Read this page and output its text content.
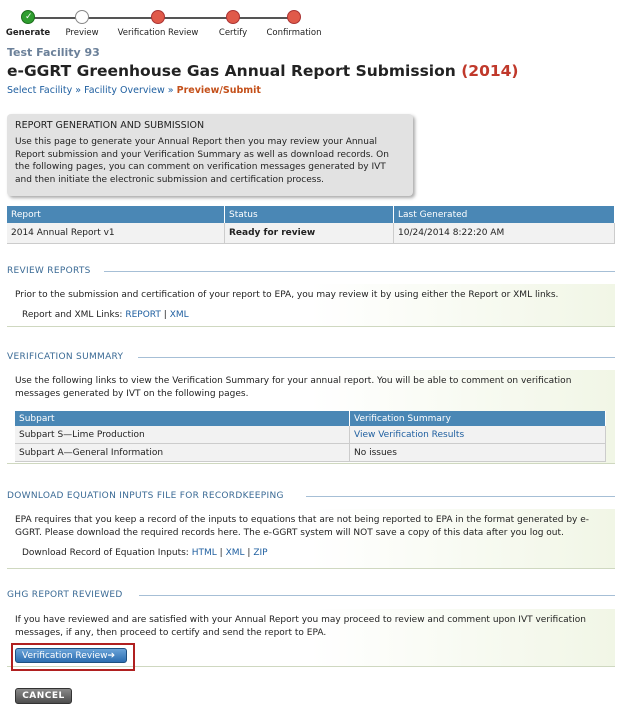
✓
Generate Preview Verification Review Certify Confirmation
Test Facility 93
e-GGRT Greenhouse Gas Annual Report Submission (2014)
Select Facility » Facility Overview » Preview/Submit
REPORT GENERATION AND SUBMISSION

Use this page to generate your Annual Report then you may review your Annual Report submission and your Verification Summary as well as download records. On the following pages, you can comment on verification messages generated by IVT and then initiate the electronic submission and certification process.

Report	Status	Last Generated
2014 Annual Report v1	Ready for review	10/24/2014 8:22:20 AM
REVIEW REPORTS

Prior to the submission and certification of your report to EPA, you may review it by using either the Report or XML links.

Report and XML Links: REPORT | XML

VERIFICATION SUMMARY

Use the following links to view the Verification Summary for your annual report. You will be able to comment on verification messages generated by IVT on the following pages.

Subpart	Verification Summary
Subpart S—Lime Production	View Verification Results
Subpart A—General Information	No issues
DOWNLOAD EQUATION INPUTS FILE FOR RECORDKEEPING

EPA requires that you keep a record of the inputs to equations that are not being reported to EPA in the format generated by e-GGRT. Please download the required records here. The e-GGRT system will NOT save a copy of this data after you log out.

Download Record of Equation Inputs: HTML | XML | ZIP

GHG REPORT REVIEWED

If you have reviewed and are satisfied with your Annual Report you may proceed to review and comment upon IVT verification messages, if any, then proceed to certify and send the report to EPA.

Verification Review➔
CANCEL
